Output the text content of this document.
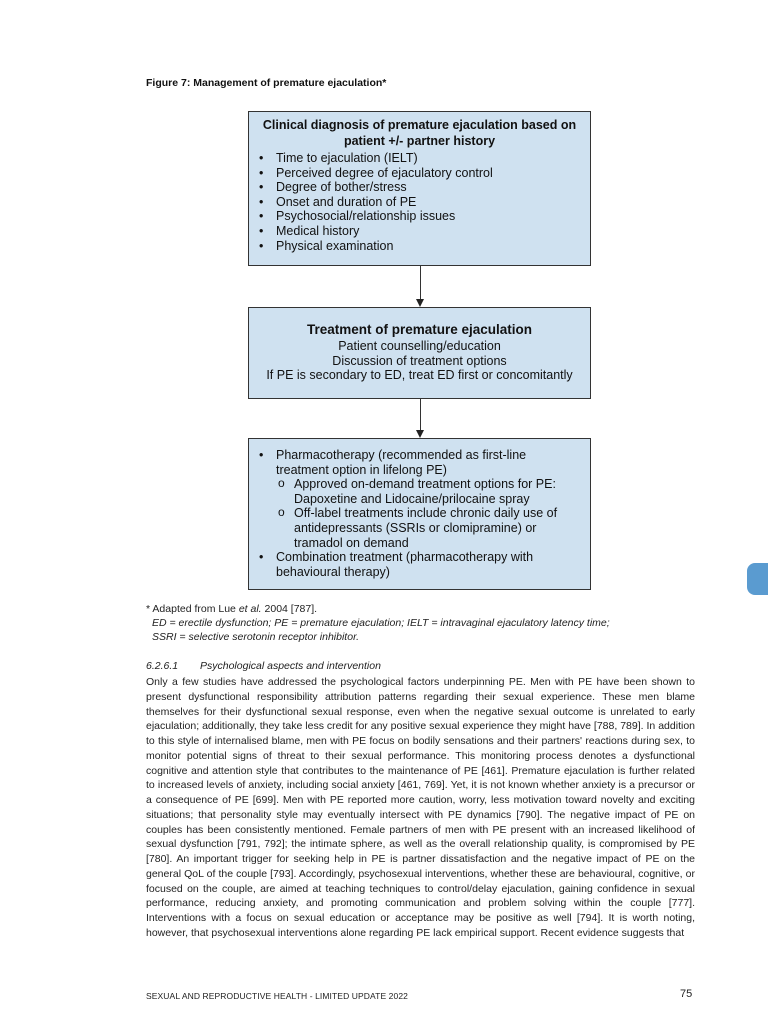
Figure 7: Management of premature ejaculation*
Clinical diagnosis of premature ejaculation based on patient +/- partner history
• Time to ejaculation (IELT)
• Perceived degree of ejaculatory control
• Degree of bother/stress
• Onset and duration of PE
• Psychosocial/relationship issues
• Medical history
• Physical examination
Treatment of premature ejaculation
Patient counselling/education
Discussion of treatment options
If PE is secondary to ED, treat ED first or concomitantly
• Pharmacotherapy (recommended as first-line treatment option in lifelong PE)
o Approved on-demand treatment options for PE: Dapoxetine and Lidocaine/prilocaine spray
o Off-label treatments include chronic daily use of antidepressants (SSRIs or clomipramine) or tramadol on demand
• Combination treatment (pharmacotherapy with behavioural therapy)
* Adapted from Lue et al. 2004 [787].
ED = erectile dysfunction; PE = premature ejaculation; IELT = intravaginal ejaculatory latency time;
SSRI = selective serotonin receptor inhibitor.
6.2.6.1 Psychological aspects and intervention
Only a few studies have addressed the psychological factors underpinning PE. Men with PE have been shown to present dysfunctional responsibility attribution patterns regarding their sexual experience. These men blame themselves for their dysfunctional sexual response, even when the negative sexual outcome is unrelated to early ejaculation; additionally, they take less credit for any positive sexual experience they might have [788, 789]. In addition to this style of internalised blame, men with PE focus on bodily sensations and their partners' reactions during sex, to monitor potential signs of threat to their sexual performance. This monitoring process denotes a dysfunctional cognitive and attention style that contributes to the maintenance of PE [461]. Premature ejaculation is further related to increased levels of anxiety, including social anxiety [461, 769]. Yet, it is not known whether anxiety is a precursor or a consequence of PE [699]. Men with PE reported more caution, worry, less motivation toward novelty and exciting situations; that personality style may eventually intersect with PE dynamics [790]. The negative impact of PE on couples has been consistently mentioned. Female partners of men with PE present with an increased likelihood of sexual dysfunction [791, 792]; the intimate sphere, as well as the overall relationship quality, is compromised by PE [780]. An important trigger for seeking help in PE is partner dissatisfaction and the negative impact of PE on the general QoL of the couple [793]. Accordingly, psychosexual interventions, whether these are behavioural, cognitive, or focused on the couple, are aimed at teaching techniques to control/delay ejaculation, gaining confidence in sexual performance, reducing anxiety, and promoting communication and problem solving within the couple [777]. Interventions with a focus on sexual education or acceptance may be positive as well [794]. It is worth noting, however, that psychosexual interventions alone regarding PE lack empirical support. Recent evidence suggests that
SEXUAL AND REPRODUCTIVE HEALTH - LIMITED UPDATE 2022	75
